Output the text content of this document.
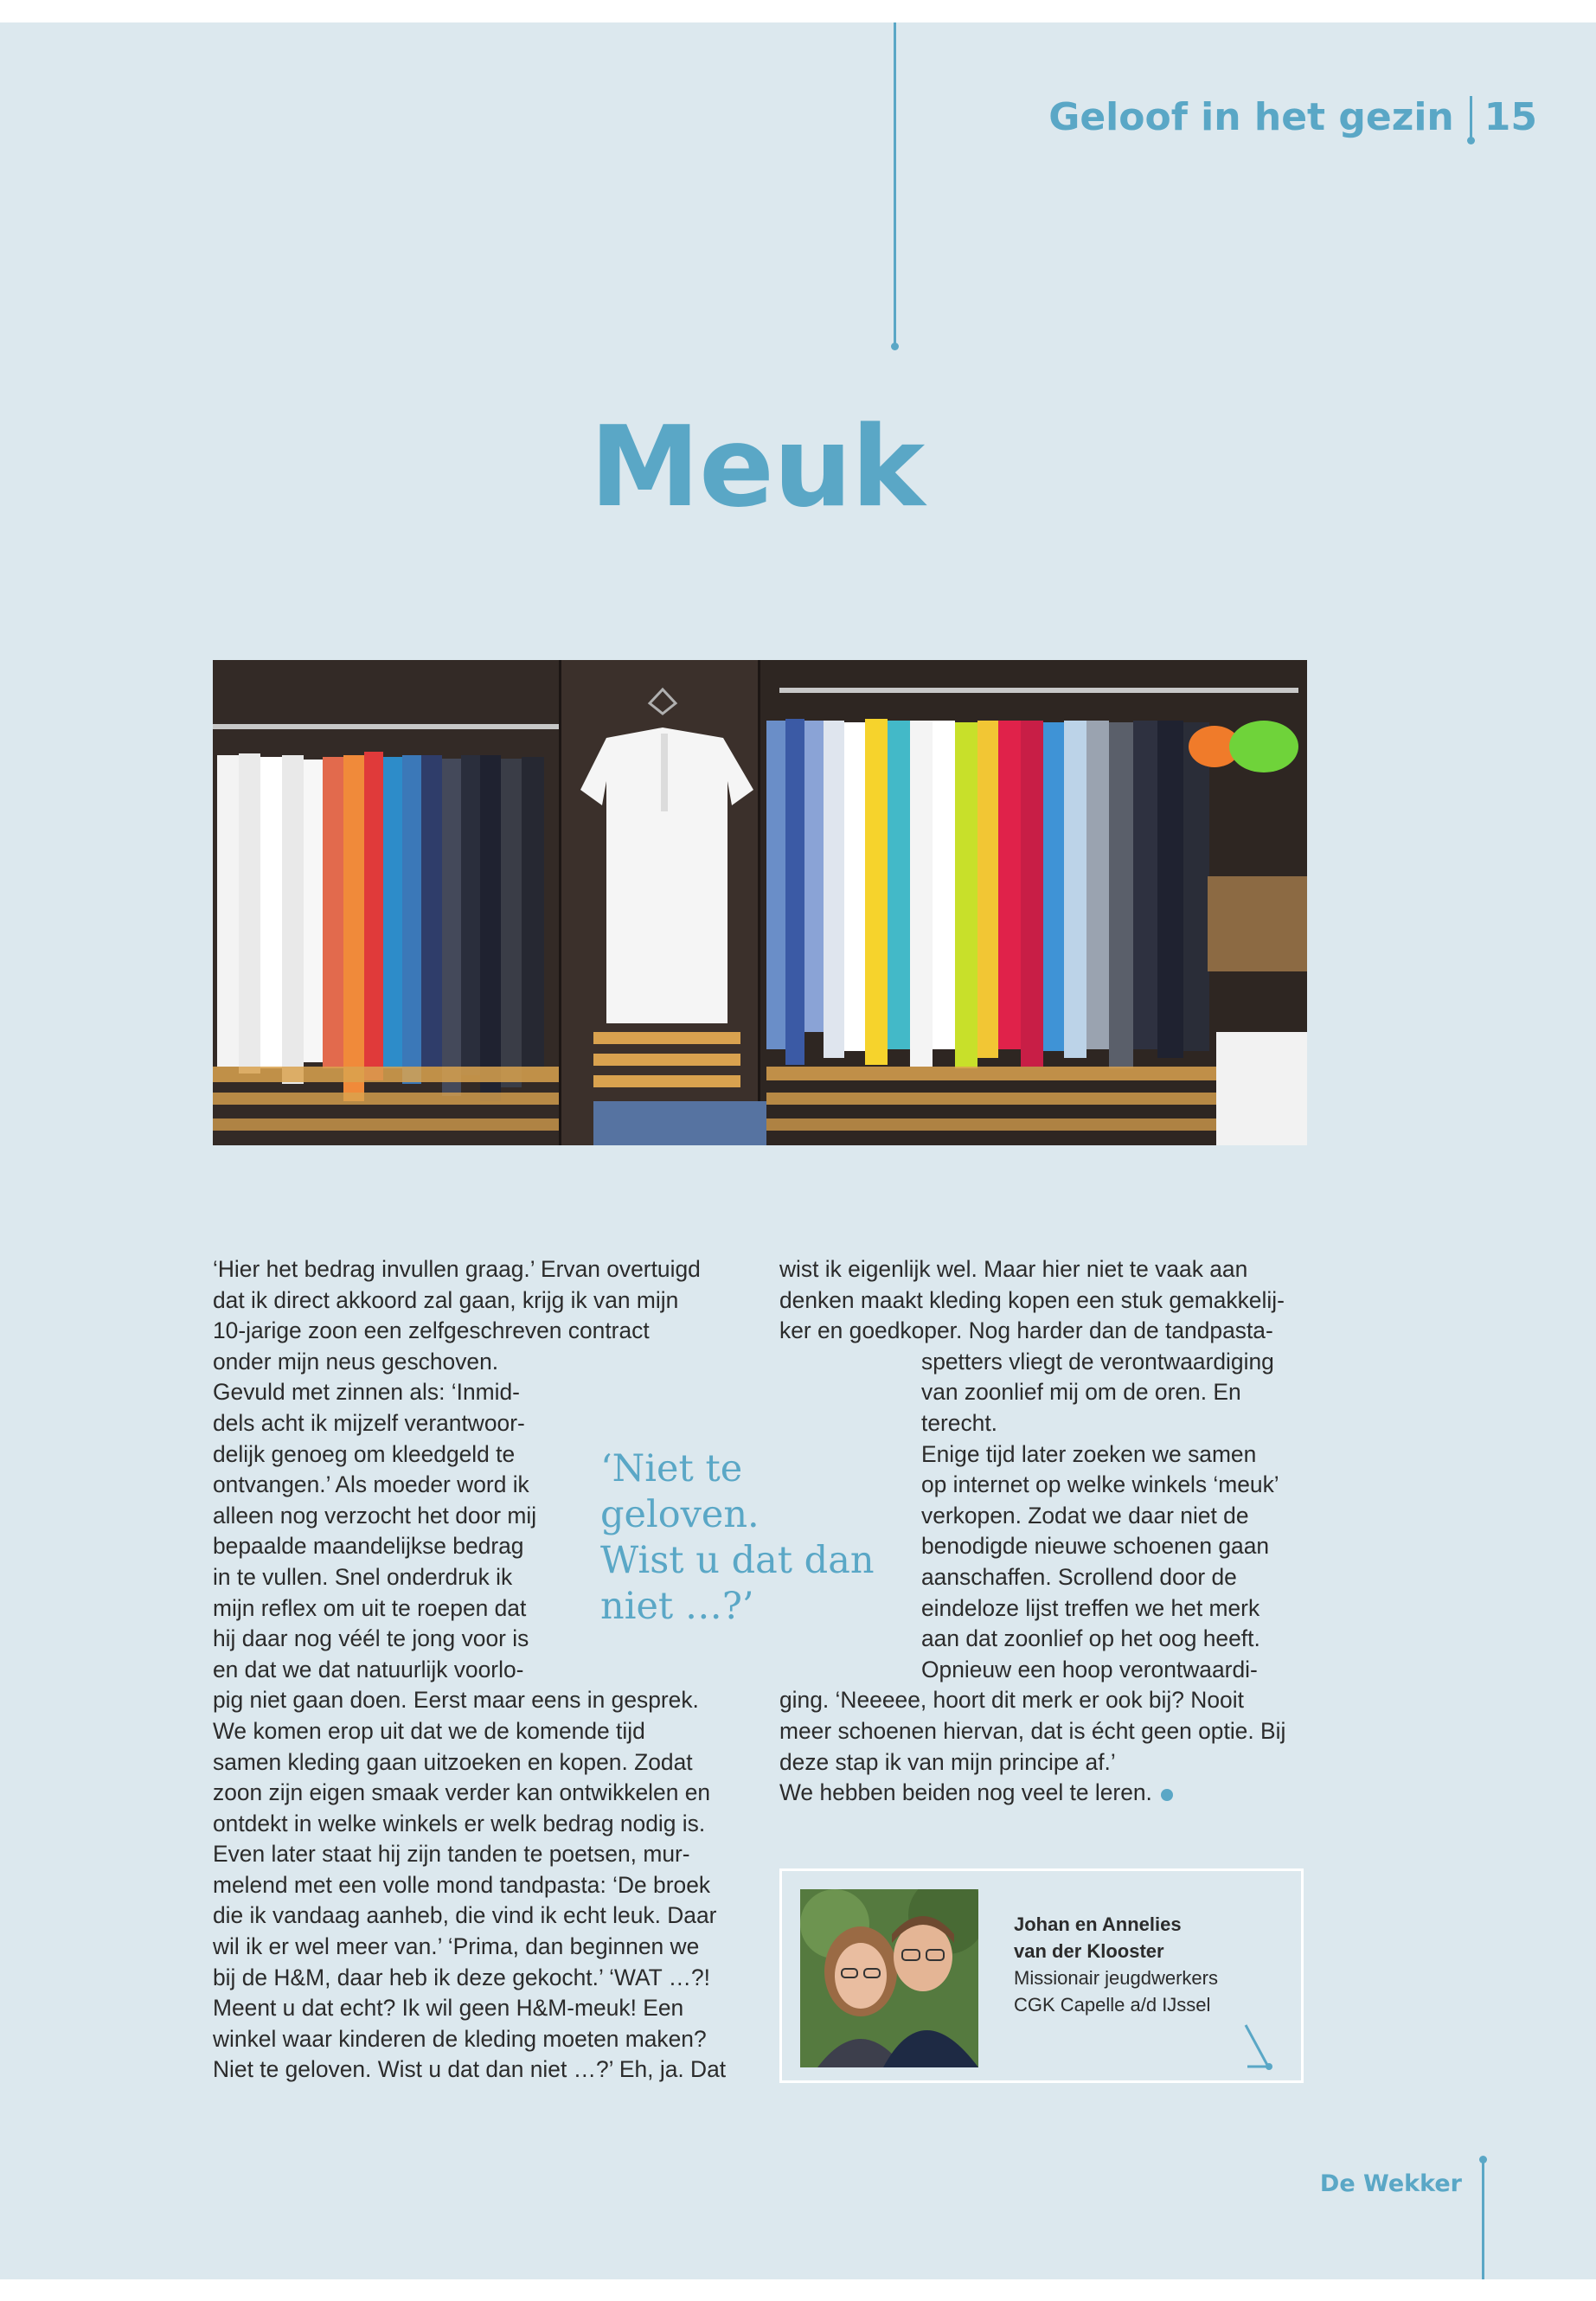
Geloof in het gezin 15
Meuk

‘Hier het bedrag invullen graag.’ Ervan overtuigd

dat ik direct akkoord zal gaan, krijg ik van mijn

10-jarige zoon een zelfgeschreven contract

onder mijn neus geschoven.

Gevuld met zinnen als: ‘Inmid-

dels acht ik mijzelf verantwoor-

delijk genoeg om kleedgeld te

ontvangen.’ Als moeder word ik

alleen nog verzocht het door mij

bepaalde maandelijkse bedrag

in te vullen. Snel onderdruk ik

mijn reflex om uit te roepen dat

hij daar nog véél te jong voor is

en dat we dat natuurlijk voorlo-

pig niet gaan doen. Eerst maar eens in gesprek.

We komen erop uit dat we de komende tijd

samen kleding gaan uitzoeken en kopen. Zodat

zoon zijn eigen smaak verder kan ontwikkelen en

ontdekt in welke winkels er welk bedrag nodig is.

Even later staat hij zijn tanden te poetsen, mur-

melend met een volle mond tandpasta: ‘De broek

die ik vandaag aanheb, die vind ik echt leuk. Daar

wil ik er wel meer van.’ ‘Prima, dan beginnen we

bij de H&M, daar heb ik deze gekocht.’ ‘WAT …?!

Meent u dat echt? Ik wil geen H&M-meuk! Een

winkel waar kinderen de kleding moeten maken?

Niet te geloven. Wist u dat dan niet …?’ Eh, ja. Dat

‘Niet te
geloven.
Wist u dat dan
niet …?’

wist ik eigenlijk wel. Maar hier niet te vaak aan

denken maakt kleding kopen een stuk gemakkelij-

ker en goedkoper. Nog harder dan de tandpasta-

spetters vliegt de verontwaardiging

van zoonlief mij om de oren. En

terecht.

Enige tijd later zoeken we samen

op internet op welke winkels ‘meuk’

verkopen. Zodat we daar niet de

benodigde nieuwe schoenen gaan

aanschaffen. Scrollend door de

eindeloze lijst treffen we het merk

aan dat zoonlief op het oog heeft.

Opnieuw een hoop verontwaardi-

ging. ‘Neeeee, hoort dit merk er ook bij? Nooit

meer schoenen hiervan, dat is écht geen optie. Bij

deze stap ik van mijn principe af.’

We hebben beiden nog veel te leren.

Johan en Annelies
van der Klooster
Missionair jeugdwerkers
CGK Capelle a/d IJssel
De Wekker
